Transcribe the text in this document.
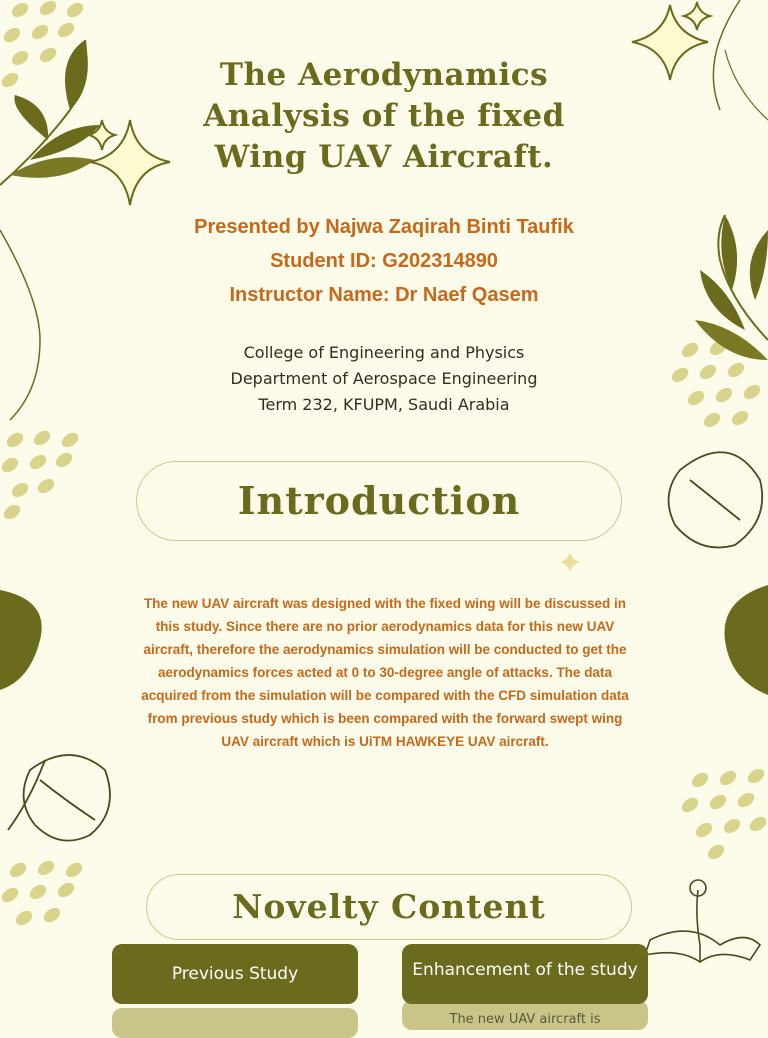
The Aerodynamics
Analysis of the fixed
Wing UAV Aircraft.
Presented by Najwa Zaqirah Binti Taufik
Student ID: G202314890
Instructor Name: Dr Naef Qasem
College of Engineering and Physics
Department of Aerospace Engineering
Term 232, KFUPM, Saudi Arabia
Introduction
The new UAV aircraft was designed with the fixed wing will be discussed in this study. Since there are no prior aerodynamics data for this new UAV aircraft, therefore the aerodynamics simulation will be conducted to get the aerodynamics forces acted at 0 to 30-degree angle of attacks. The data acquired from the simulation will be compared with the CFD simulation data from previous study which is been compared with the forward swept wing UAV aircraft which is UiTM HAWKEYE UAV aircraft.
Novelty Content
Previous Study	Enhancement of the study
The new UAV aircraft is
